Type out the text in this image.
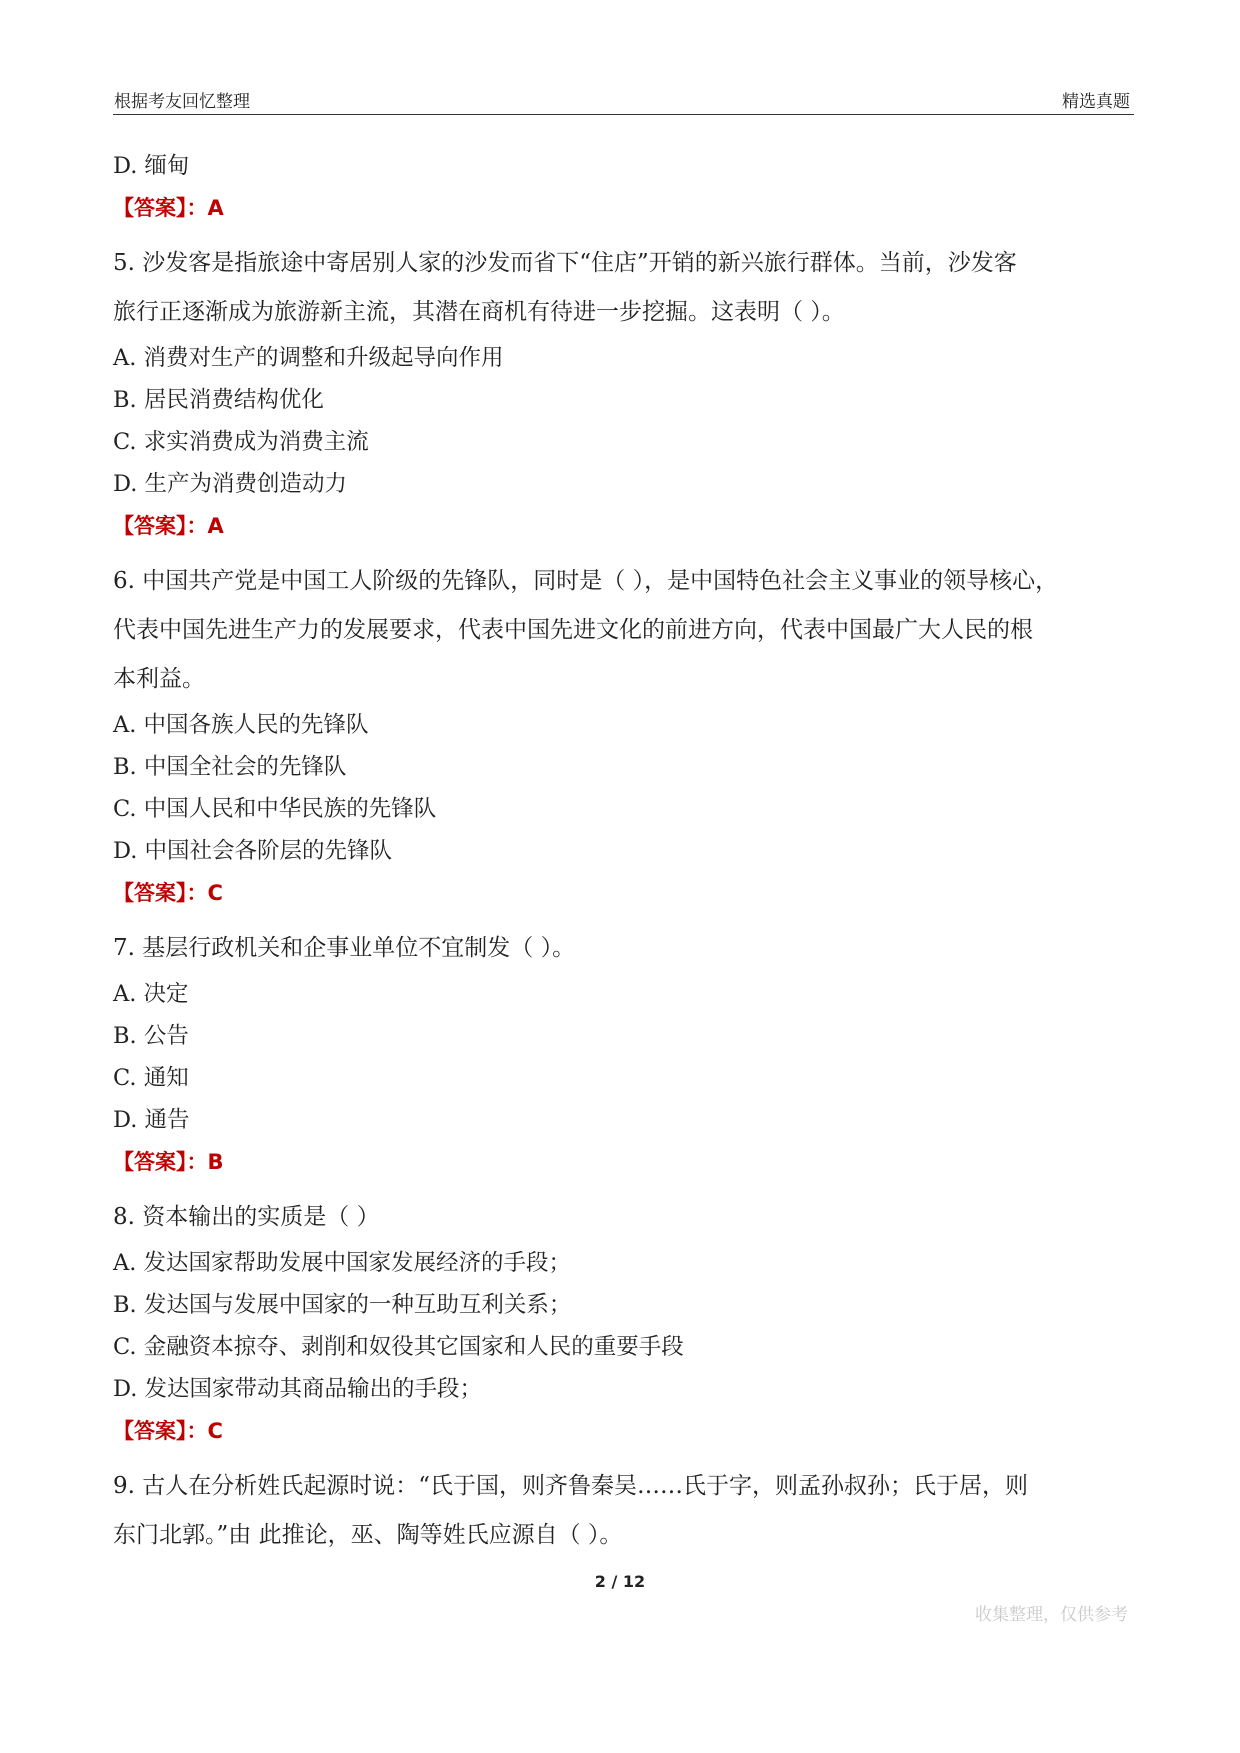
根据考友回忆整理	精选真题
D. 缅甸
【答案】：A
5. 沙发客是指旅途中寄居别人家的沙发而省下“住店”开销的新兴旅行群体。当前，沙发客
旅行正逐渐成为旅游新主流，其潜在商机有待进一步挖掘。这表明（ ）。
A. 消费对生产的调整和升级起导向作用
B. 居民消费结构优化
C. 求实消费成为消费主流
D. 生产为消费创造动力
【答案】：A
6. 中国共产党是中国工人阶级的先锋队，同时是（ ），是中国特色社会主义事业的领导核心，
代表中国先进生产力的发展要求，代表中国先进文化的前进方向，代表中国最广大人民的根
本利益。
A. 中国各族人民的先锋队
B. 中国全社会的先锋队
C. 中国人民和中华民族的先锋队
D. 中国社会各阶层的先锋队
【答案】：C
7. 基层行政机关和企事业单位不宜制发（ ）。
A. 决定
B. 公告
C. 通知
D. 通告
【答案】：B
8. 资本输出的实质是（ ）
A. 发达国家帮助发展中国家发展经济的手段；
B. 发达国与发展中国家的一种互助互利关系；
C. 金融资本掠夺、剥削和奴役其它国家和人民的重要手段
D. 发达国家带动其商品输出的手段；
【答案】：C
9. 古人在分析姓氏起源时说：“氏于国，则齐鲁秦吴……氏于字，则孟孙叔孙；氏于居，则
东门北郭。”由 此推论，巫、陶等姓氏应源自（ ）。
2 / 12
收集整理，仅供参考
